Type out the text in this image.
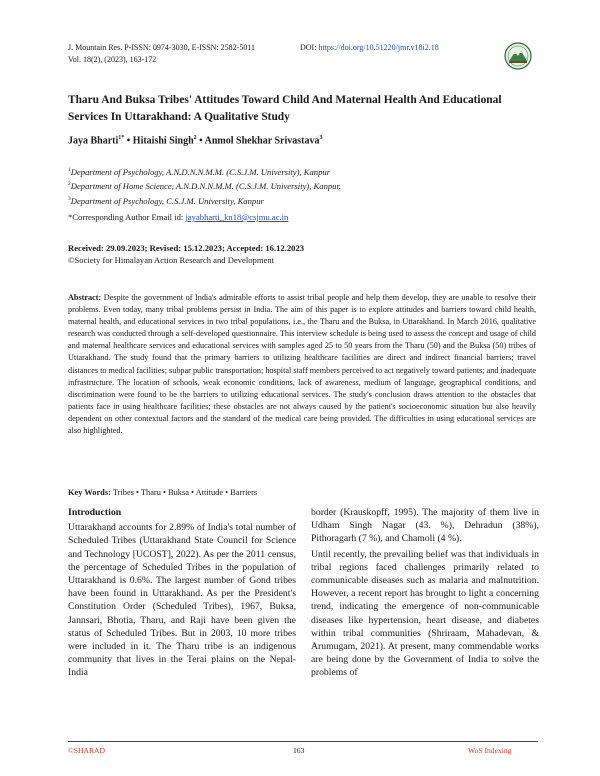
J. Mountain Res. P-ISSN: 0974-3030, E-ISSN: 2582-5011
Vol. 18(2), (2023), 163-172
DOI: https://doi.org/10.51220/jmr.v18i2.18
Tharu And Buksa Tribes' Attitudes Toward Child And Maternal Health And Educational Services In Uttarakhand: A Qualitative Study
Jaya Bharti$^{1*}$ • Hitaishi Singh$^2$ • Anmol Shekhar Srivastava$^3$
$^1$Department of Psychology, A.N.D.N.N.M.M. (C.S.J.M. University), Kanpur
$^2$Department of Home Science, A.N.D.N.N.M.M. (C.S.J.M. University), Kanpur.
$^3$Department of Psychology, C.S.J.M. University, Kanpur
*Corresponding Author Email id: jayabharti_kn18@csjmu.ac.in
Received: 29.09.2023; Revised: 15.12.2023; Accepted: 16.12.2023
©Society for Himalayan Action Research and Development
Abstract: Despite the government of India's admirable efforts to assist tribal people and help them develop, they are unable to resolve their problems. Even today, many tribal problems persist in India. The aim of this paper is to explore attitudes and barriers toward child health, maternal health, and educational services in two tribal populations, i.e., the Tharu and the Buksa, in Uttarakhand. In March 2016, qualitative research was conducted through a self-developed questionnaire. This interview schedule is being used to assess the concept and usage of child and maternal healthcare services and educational services with samples aged 25 to 50 years from the Tharu (50) and the Buksa (50) tribes of Uttarakhand. The study found that the primary barriers to utilizing healthcare facilities are direct and indirect financial barriers; travel distances to medical facilities; subpar public transportation; hospital staff members perceived to act negatively toward patients; and inadequate infrastructure. The location of schools, weak economic conditions, lack of awareness, medium of language, geographical conditions, and discrimination were found to be the barriers to utilizing educational services. The study's conclusion draws attention to the obstacles that patients face in using healthcare facilities; these obstacles are not always caused by the patient's socioeconomic situation but also heavily dependent on other contextual factors and the standard of the medical care being provided. The difficulties in using educational services are also highlighted.
Key Words: Tribes • Tharu • Buksa • Attitude • Barriers
Introduction

Uttarakhand accounts for 2.89% of India's total number of Scheduled Tribes (Uttarakhand State Council for Science and Technology [UCOST], 2022). As per the 2011 census, the percentage of Scheduled Tribes in the population of Uttarakhand is 0.6%. The largest number of Gond tribes have been found in Uttarakhand. As per the President's Constitution Order (Scheduled Tribes), 1967, Buksa, Jannsari, Bhotia, Tharu, and Raji have been given the status of Scheduled Tribes. But in 2003, 10 more tribes were included in it. The Tharu tribe is an indigenous community that lives in the Terai plains on the Nepal-India

border (Krauskopff, 1995). The majority of them live in Udham Singh Nagar (43. %), Dehradun (38%), Pithoragarh (7 %), and Chamoli (4 %).

Until recently, the prevailing belief was that individuals in tribal regions faced challenges primarily related to communicable diseases such as malaria and malnutrition. However, a recent report has brought to light a concerning trend, indicating the emergence of non-communicable diseases like hypertension, heart disease, and diabetes within tribal communities (Shriraam, Mahadevan, & Arumugam, 2021). At present, many commendable works are being done by the Government of India to solve the problems of

©SHARAD	163	WoS Indexing
